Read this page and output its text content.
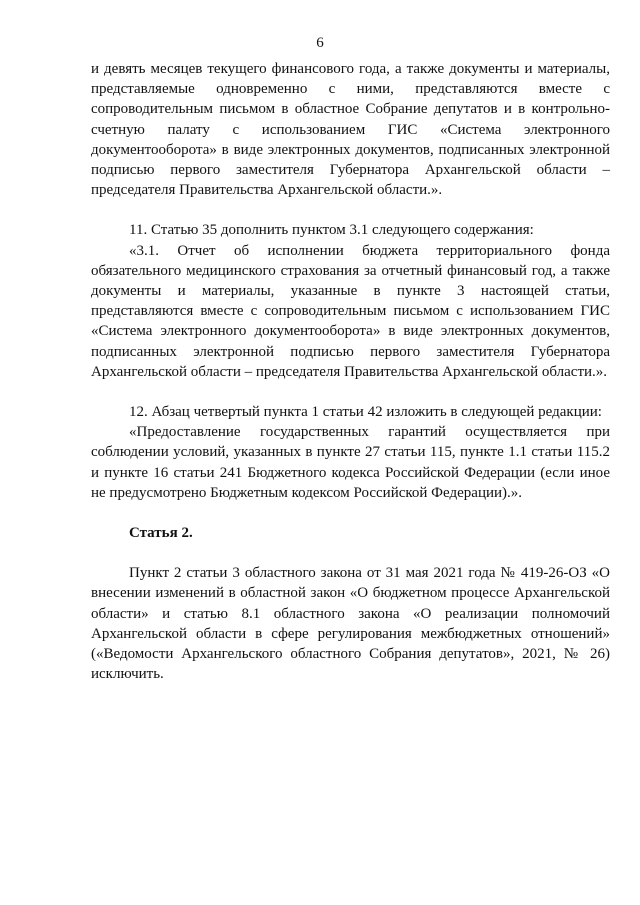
6

и девять месяцев текущего финансового года, а также документы и материалы, представляемые одновременно с ними, представляются вместе с сопроводительным письмом в областное Собрание депутатов и в контрольно-счетную палату с использованием ГИС «Система электронного документооборота» в виде электронных документов, подписанных электронной подписью первого заместителя Губернатора Архангельской области – председателя Правительства Архангельской области.».

11. Статью 35 дополнить пунктом 3.1 следующего содержания:

«3.1. Отчет об исполнении бюджета территориального фонда обязательного медицинского страхования за отчетный финансовый год, а также документы и материалы, указанные в пункте 3 настоящей статьи, представляются вместе с сопроводительным письмом с использованием ГИС «Система электронного документооборота» в виде электронных документов, подписанных электронной подписью первого заместителя Губернатора Архангельской области – председателя Правительства Архангельской области.».

12. Абзац четвертый пункта 1 статьи 42 изложить в следующей редакции:

«Предоставление государственных гарантий осуществляется при соблюдении условий, указанных в пункте 27 статьи 115, пункте 1.1 статьи 115.2 и пункте 16 статьи 241 Бюджетного кодекса Российской Федерации (если иное не предусмотрено Бюджетным кодексом Российской Федерации).».

Статья 2.

Пункт 2 статьи 3 областного закона от 31 мая 2021 года № 419-26-ОЗ «О внесении изменений в областной закон «О бюджетном процессе Архангельской области» и статью 8.1 областного закона «О реализации полномочий Архангельской области в сфере регулирования межбюджетных отношений» («Ведомости Архангельского областного Собрания депутатов», 2021, № 26) исключить.
